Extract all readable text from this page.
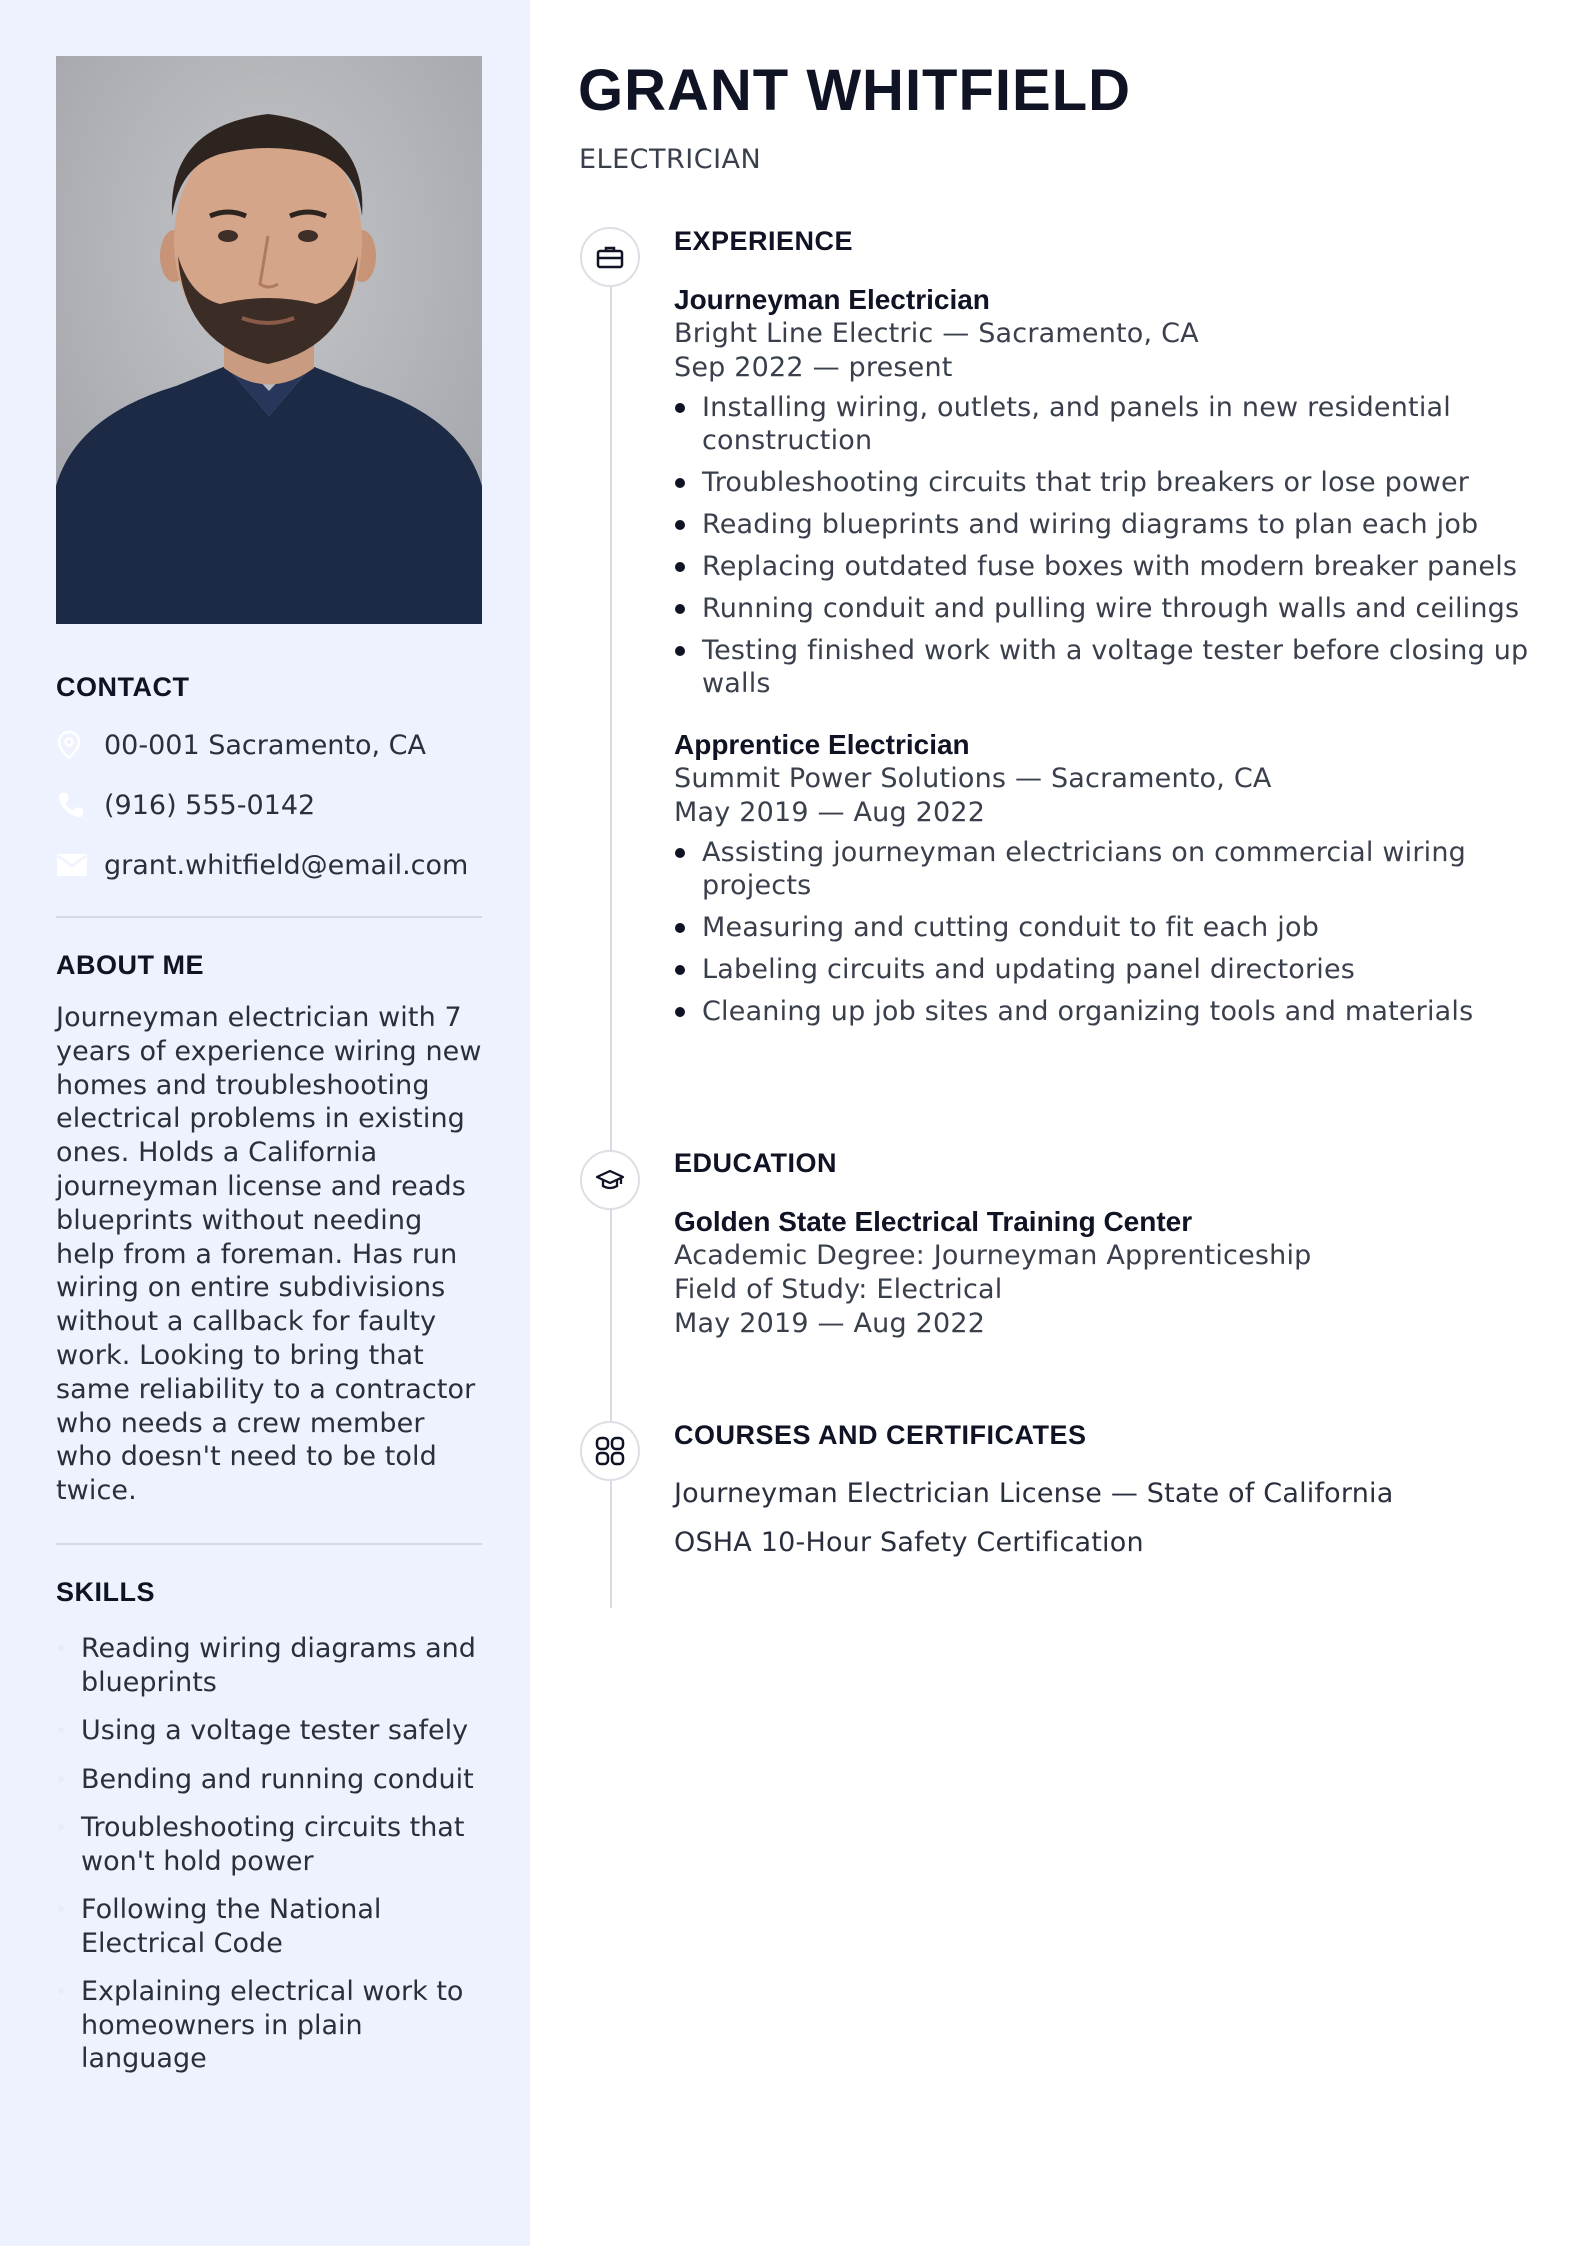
CONTACT
00-001 Sacramento, CA
(916) 555-0142
grant.whitfield@email.com
ABOUT ME
Journeyman electrician with 7 years of experience wiring new homes and troubleshooting electrical problems in existing ones. Holds a California journeyman license and reads blueprints without needing help from a foreman. Has run wiring on entire subdivisions without a callback for faulty work. Looking to bring that same reliability to a contractor who needs a crew member who doesn't need to be told twice.
SKILLS
Reading wiring diagrams and blueprints
Using a voltage tester safely
Bending and running conduit
Troubleshooting circuits that won't hold power
Following the National Electrical Code
Explaining electrical work to homeowners in plain language
GRANT WHITFIELD
ELECTRICIAN
EXPERIENCE
Journeyman Electrician
Bright Line Electric — Sacramento, CA
Sep 2022 — present
Installing wiring, outlets, and panels in new residential construction
Troubleshooting circuits that trip breakers or lose power
Reading blueprints and wiring diagrams to plan each job
Replacing outdated fuse boxes with modern breaker panels
Running conduit and pulling wire through walls and ceilings
Testing finished work with a voltage tester before closing up walls
Apprentice Electrician
Summit Power Solutions — Sacramento, CA
May 2019 — Aug 2022
Assisting journeyman electricians on commercial wiring projects
Measuring and cutting conduit to fit each job
Labeling circuits and updating panel directories
Cleaning up job sites and organizing tools and materials
EDUCATION
Golden State Electrical Training Center
Academic Degree: Journeyman Apprenticeship
Field of Study: Electrical
May 2019 — Aug 2022
COURSES AND CERTIFICATES
Journeyman Electrician License — State of California
OSHA 10-Hour Safety Certification
